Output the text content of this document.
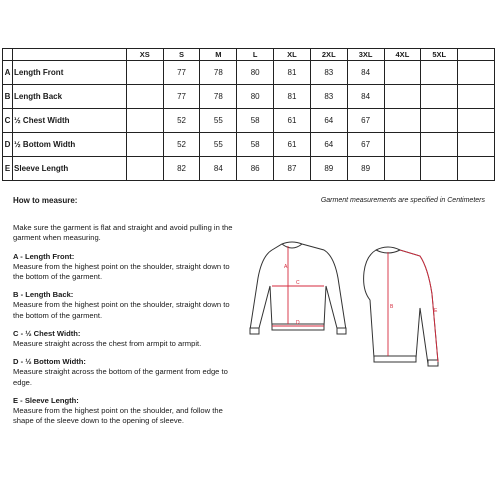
		XS	S	M	L	XL	2XL	3XL	4XL	5XL	
A	Length Front		77	78	80	81	83	84			
B	Length Back		77	78	80	81	83	84			
C	½ Chest Width		52	55	58	61	64	67			
D	½ Bottom Width		52	55	58	61	64	67			
E	Sleeve Length		82	84	86	87	89	89			
How to measure:

Make sure the garment is flat and straight and avoid pulling in the garment when measuring.

A - Length Front:
Measure from the highest point on the shoulder, straight down to the bottom of the garment.

B - Length Back:
Measure from the highest point on the shoulder, straight down to the bottom of the garment.

C - ½ Chest Width:
Measure straight across the chest from armpit to armpit.

D - ½ Bottom Width:
Measure straight across the bottom of the garment from edge to edge.

E - Sleeve Length:
Measure from the highest point on the shoulder, and follow the shape of the sleeve down to the opening of sleeve.

Garment measurements are specified in Centimeters
A
C
D
B
E
